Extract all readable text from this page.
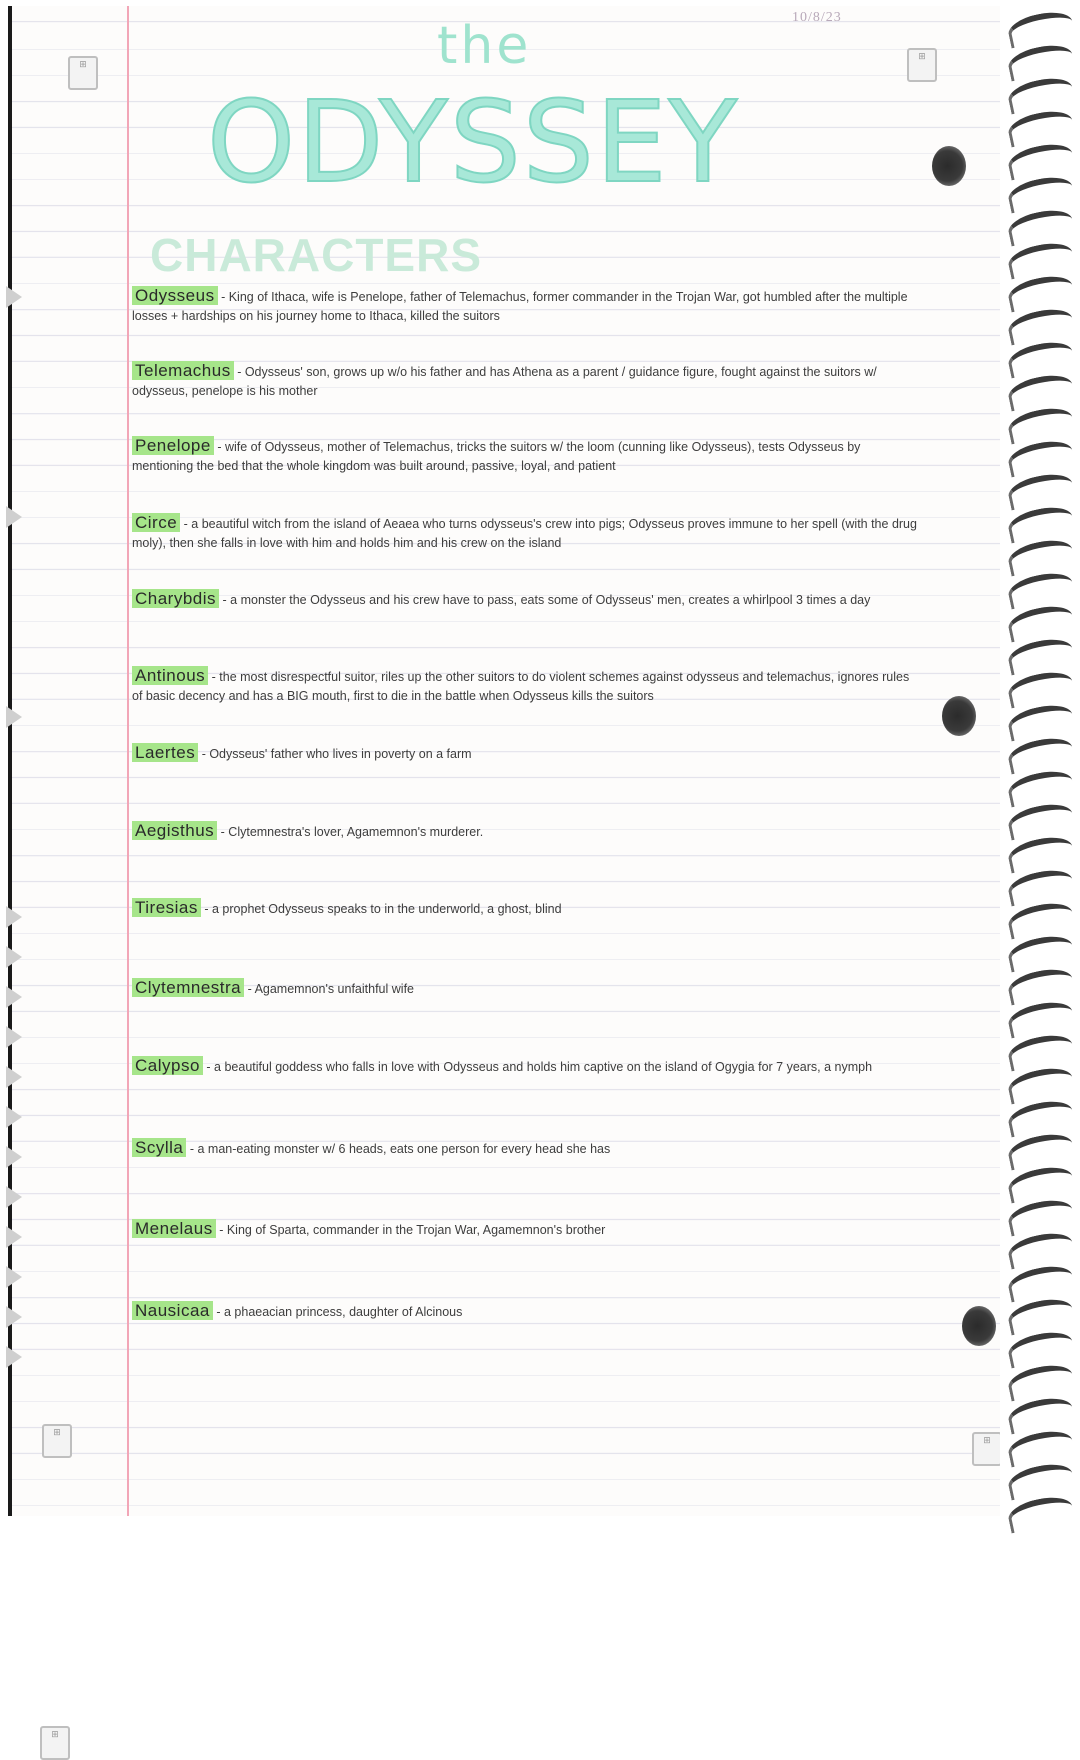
⊞
⊞
⊞
⊞
⊞
10/8/23
the
ODYSSEY
CHARACTERS
Odysseus - King of Ithaca, wife is Penelope, father of Telemachus, former commander in the Trojan War, got humbled after the multiple losses + hardships on his journey home to Ithaca, killed the suitors
Telemachus - Odysseus' son, grows up w/o his father and has Athena as a parent / guidance figure, fought against the suitors w/ odysseus, penelope is his mother
Penelope - wife of Odysseus, mother of Telemachus, tricks the suitors w/ the loom (cunning like Odysseus), tests Odysseus by mentioning the bed that the whole kingdom was built around, passive, loyal, and patient
Circe - a beautiful witch from the island of Aeaea who turns odysseus's crew into pigs; Odysseus proves immune to her spell (with the drug moly), then she falls in love with him and holds him and his crew on the island
Charybdis - a monster the Odysseus and his crew have to pass, eats some of Odysseus' men, creates a whirlpool 3 times a day
Antinous - the most disrespectful suitor, riles up the other suitors to do violent schemes against odysseus and telemachus, ignores rules of basic decency and has a BIG mouth, first to die in the battle when Odysseus kills the suitors
Laertes - Odysseus' father who lives in poverty on a farm
Aegisthus - Clytemnestra's lover, Agamemnon's murderer.
Tiresias - a prophet Odysseus speaks to in the underworld, a ghost, blind
Clytemnestra - Agamemnon's unfaithful wife
Calypso - a beautiful goddess who falls in love with Odysseus and holds him captive on the island of Ogygia for 7 years, a nymph
Scylla - a man-eating monster w/ 6 heads, eats one person for every head she has
Menelaus - King of Sparta, commander in the Trojan War, Agamemnon's brother
Nausicaa - a phaeacian princess, daughter of Alcinous
